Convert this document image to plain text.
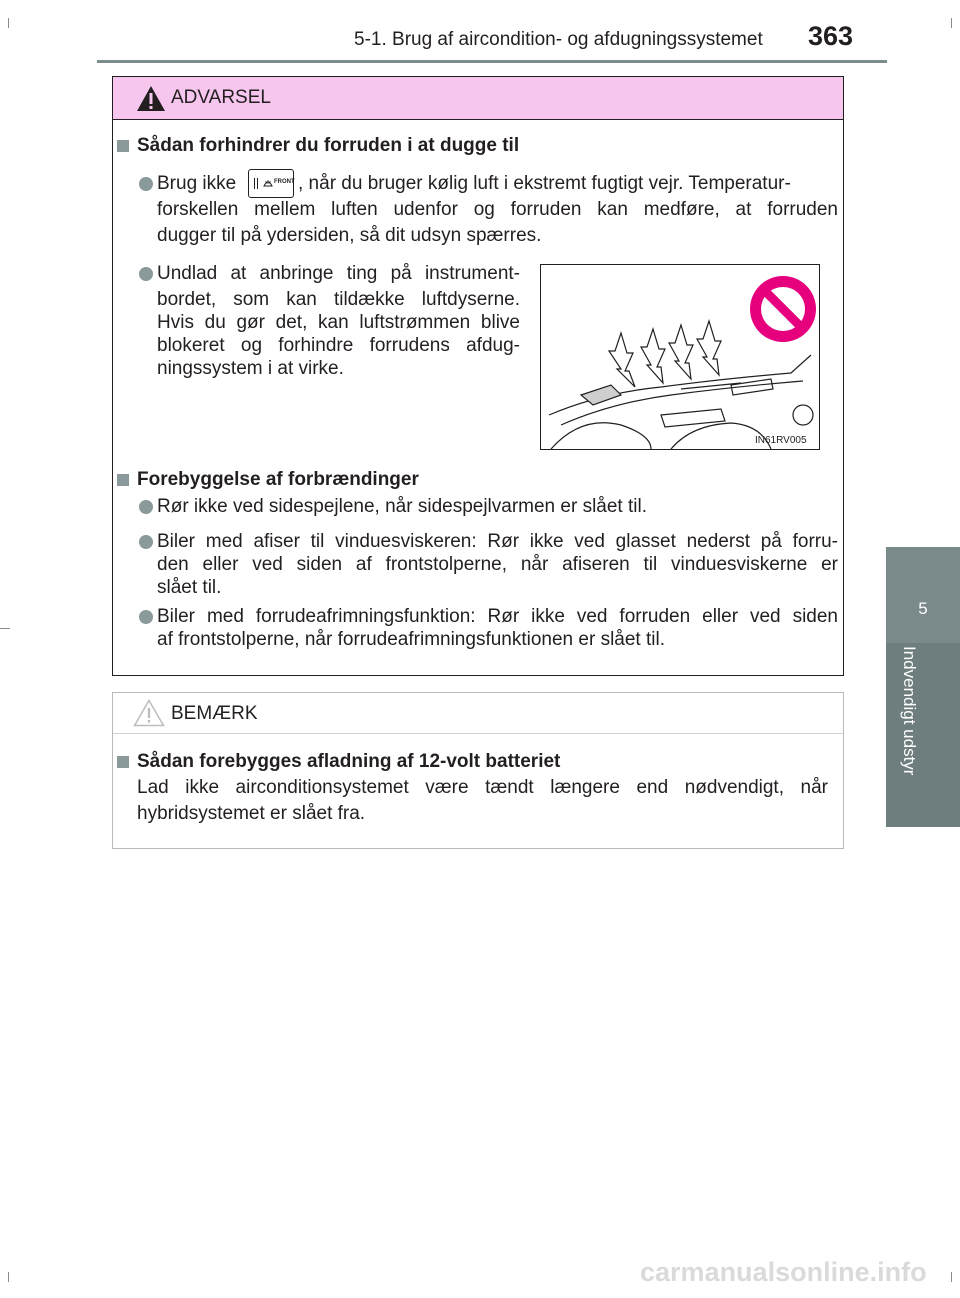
5-1. Brug af aircondition- og afdugningssystemet 363
5
Indvendigt udstyr
ADVARSEL
Sådan forhindrer du forruden i at dugge til
Brug ikke	FRONT , når du bruger kølig luft i ekstremt fugtigt vejr. Temperatur-
forskellen mellem luften udenfor og forruden kan medføre, at forruden
dugger til på ydersiden, så dit udsyn spærres.
Undlad at anbringe ting på instrument-
bordet, som kan tildække luftdyserne.
Hvis du gør det, kan luftstrømmen blive
blokeret og forhindre forrudens afdug-
ningssystem i at virke.
IN61RV005
Forebyggelse af forbrændinger
Rør ikke ved sidespejlene, når sidespejlvarmen er slået til.
Biler med afiser til vinduesviskeren: Rør ikke ved glasset nederst på forru-
den eller ved siden af frontstolperne, når afiseren til vinduesviskerne er
slået til.
Biler med forrudeafrimningsfunktion: Rør ikke ved forruden eller ved siden
af frontstolperne, når forrudeafrimningsfunktionen er slået til.
BEMÆRK
Sådan forebygges afladning af 12-volt batteriet
Lad ikke airconditionsystemet være tændt længere end nødvendigt, når
hybridsystemet er slået fra.
carmanualsonline.info
